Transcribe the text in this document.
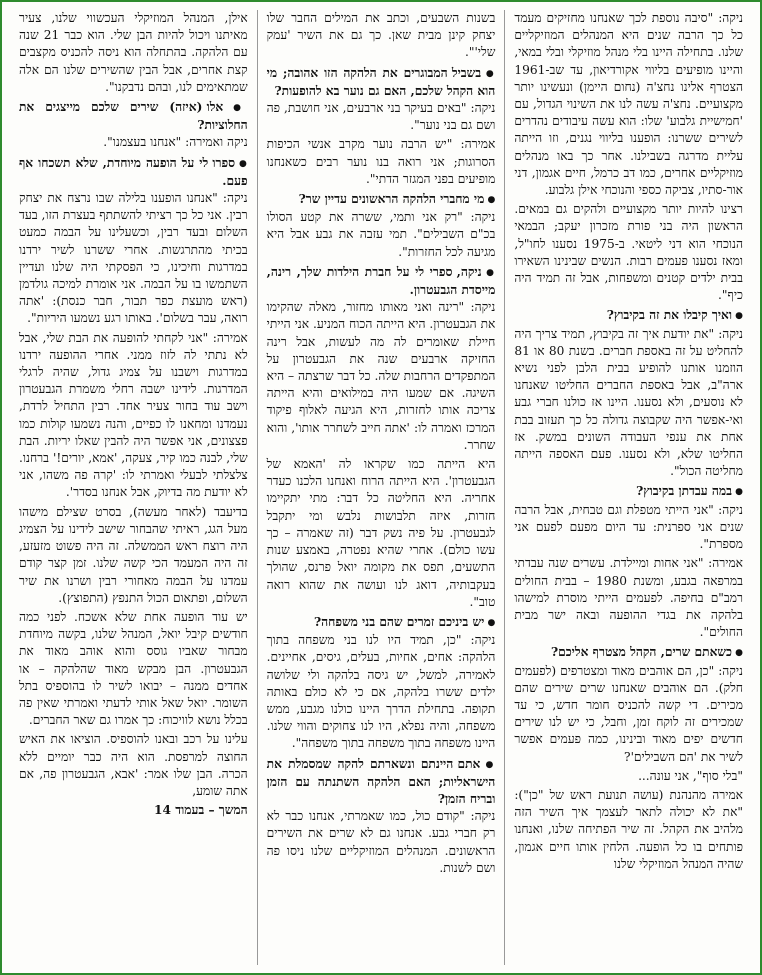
ניקה: "סיבה נוספת לכך שאנחנו מחזיקים מעמד כל כך הרבה שנים היא המנהלים המוזיקליים שלנו. בתחילה היינו בלי מנהל מוזיקלי ובלי במאי, והיינו מופיעים בליווי אקורדיאון, עד שב-1961 הצטרף אלינו נחצ'ה (נחום היימן) ונעשינו יותר מקצועיים. נחצ'ה עשה לנו את השינוי הגדול, עם 'חמישיית גלבוע' שלו: הוא עשה עיבודים נהדרים לשירים ששרנו: הופענו בליווי נגנים, וזו הייתה עליית מדרגה בשבילנו. אחר כך באו מנהלים מוזיקליים אחרים, כמו דב כרמל, חיים אגמון, דני אור-סתיו, צביקה כספי והנוכחי אילן גלבוע.

רצינו להיות יותר מקצועיים ולהקים גם במאים. הראשון היה בני פורת מזכרון יעקב; הבמאי הנוכחי הוא דני ליטאי. ב-1975 נסענו לחו"ל, ומאז נסענו פעמים רבות. הנשים שבינינו השאירו בבית ילדים קטנים ומשפחות, אבל זה תמיד היה כיף".

● ואיך קיבלו את זה בקיבוץ?

ניקה: "את יודעת איך זה בקיבוץ, תמיד צריך היה להחליט על זה באספת חברים. בשנת 80 או 81 הוזמנו אותנו להופיע בבית הלבן לפני נשיא ארה"ב, אבל באספת החברים החליטו שאנחנו לא נוסעים, ולא נסענו. היינו אז כולנו חברי גבע ואי-אפשר היה שקבוצה גדולה כל כך תעזוב בבת אחת את ענפי העבודה השונים במשק. אז החליטו שלא, ולא נסענו. פעם האספה הייתה מחליטה הכול".

● במה עבדתן בקיבוץ?

ניקה: "אני הייתי מטפלת וגם טבחית, אבל הרבה שנים אני ספרנית: עד היום מפעם לפעם אני מספרת".

אמירה: "אני אחות ומיילדת. עשרים שנה עבדתי במרפאה בגבע, ומשנת 1980 – בבית החולים רמב"ם בחיפה. לפעמים הייתי מוסרת למישהו בלהקה את בגדי ההופעה ובאה ישר מבית החולים".

● כשאתם שרים, הקהל מצטרף אליכם?

ניקה: "כן, הם אוהבים מאוד ומצטרפים (לפעמים חלק). הם אוהבים שאנחנו שרים שירים שהם מכירים. די קשה להכניס חומר חדש, כי עד שמכירים זה לוקח זמן, וחבל, כי יש לנו שירים חדשים יפים מאוד ובינינו, כמה פעמים אפשר לשיר את 'הם השבילים'?

"בלי סוף", אני עונה...

אמירה מהנהנת (עושה תנועת ראש של "כן"): "את לא יכולה לתאר לעצמך איך השיר הזה מלהיב את הקהל. זה שיר הפתיחה שלנו, ואנחנו פותחים בו כל הופעה. הלחין אותו חיים אגמון, שהיה המנהל המוזיקלי שלנו

בשנות השבעים, וכתב את המילים החבר שלו יצחק קינן מבית שאן. כך גם את השיר 'עמק שלי'".

● בשביל המבוגרים את הלהקה הזו אהובה; מי הוא הקהל שלכם, האם גם נוער בא להופעות?

ניקה: "באים בעיקר בני ארבעים, אני חושבת, פה ושם גם בני נוער".

אמירה: "יש הרבה נוער מקרב אנשי הכיפות הסרוגות; אני רואה בנו נוער רבים כשאנחנו מופיעים בפני המגזר הדתי".

● מי מחברי הלהקה הראשונים עדיין שר?

ניקה: "רק אני ותמי, ששרה את קטע הסולו בכ"ם השבילים". תמי עזבה את גבע אבל היא מגיעה לכל החזרות".

● ניקה, ספרי לי על חברת הילדות שלך, רינה, מייסדת הגבעטרון.

ניקה: "רינה ואני מאותו מחזור, מאלה שהקימו את הגבעטרון. היא הייתה הכוח המניע. אני הייתי חיילת שאומרים לה מה לעשות, אבל רינה החזיקה ארבעים שנה את הגבעטרון על המתפקדים הרחבות שלה. כל דבר שרצתה – היא השיגה. אם שמעו היה במילואים והיא הייתה צריכה אותו לחזרות, היא הגיעה לאלוף פיקוד המרכז ואמרה לו: 'אתה חייב לשחרר אותו', והוא שחרר.

היא הייתה כמו שקראו לה 'האמא של הגבעטרון'. היא הייתה הרוח ואנחנו הלכנו כעדר אחריה. היא החליטה כל דבר: מתי יתקיימו חזרות, איזה תלבושות נלבש ומי יתקבל לגבעטרון. על פיה נשק דבר (זה שאמרה – כך עשו כולם). אחרי שהיא נפטרה, באמצע שנות התשעים, תפס את מקומה יואל פרנס, שהולך בעקבותיה, דואג לנו ועושה את שהוא רואה טוב".

● יש ביניכם זמרים שהם בני משפחה?

ניקה: "כן, תמיד היו לנו בני משפחה בתוך הלהקה: אחים, אחיות, בעלים, גיסים, אחיינים. לאמירה, למשל, יש גיסה בלהקה ולי שלושה ילדים ששרו בלהקה, אם כי לא כולם באותה תקופה. בתחילת הדרך היינו כולנו מגבע, ממש משפחה, והיה נפלא, היו לנו צחוקים והווי שלנו. היינו משפחה בתוך משפחה בתוך משפחה".

● אתם היינתם ונשארתם להקה שמסמלת את הישראליות; האם הלהקה השתנתה עם הזמן ובריח הזמן?

ניקה: "קודם כול, כמו שאמרתי, אנחנו כבר לא רק חברי גבע. אנחנו גם לא שרים את השירים הראשונים. המנהלים המוזיקליים שלנו ניסו פה ושם לשנות.

אילן, המנהל המוזיקלי העכשווי שלנו, צעיר מאיתנו ויכול להיות הבן שלי. הוא כבר 21 שנה עם הלהקה. בהתחלה הוא ניסה להכניס מקצבים קצת אחרים, אבל הבין שהשירים שלנו הם אלה שמתאימים לנו, ובהם נדבקנו".

● אלו (איזה) שירים שלכם מייצגים את החלוציות?

ניקה ואמירה: "אנחנו בעצמנו".

● ספרו לי על הופעה מיוחדת, שלא תשכחו אף פעם.

ניקה: "אנחנו הופענו בלילה שבו נרצח את יצחק רבין. אני כל כך רציתי להשתתף בעצרת הזו, בעד השלום ובעד רבין, וכשעלינו על הבמה כמעט בכיתי מהתרגשות. אחרי ששרנו לשיר ירדנו במדרגות וחיכינו, כי הפסקתי היה שלנו ועדיין השתמשו בו על הבמה. אני אומרת למיכה גולדמן (ראש מועצת כפר תבור, חבר כנסת): 'אתה רואה, עבר בשלום'. באותו רגע נשמעו היריות".

אמירה: "אני לקחתי להופעה את הבת שלי, אבל לא נתתי לה לזוז ממני. אחרי ההופעה ירדנו במדרגות וישבנו על צמיג גדול, שהיה לרגלי המדרגות. לידינו ישבה רחלי משמרת הגבעטרון וישב עוד בחור צעיר אחד. רבין התחיל לרדת, נעמדנו ומחאנו לו כפיים, והנה נשמעו קולות כמו פצצונים, אני אפשר היה להבין שאלו יריות. הבת שלי, לבנה כמו קיר, צעקה, 'אמא, יורים!' ברחנו. צלצלתי לבעלי ואמרתי לו: 'קרה פה משהו, אני לא יודעת מה בדיוק, אבל אנחנו בסדר'.

בדיעבד (לאחר מעשה), בסרט שצילם מישהו מעל הגג, ראיתי שהבחור שישב לידינו על הצמיג היה רוצח ראש הממשלה. זה היה פשוט מזעזע, זה היה המעמד הכי קשה שלנו. זמן קצר קודם עמדנו על הבמה מאחורי רבין ושרנו את שיר השלום, ופתאום הכול התנפץ (התפוצץ).

יש עוד הופעה אחת שלא אשכח. לפני כמה חודשים קיבל יואל, המנהל שלנו, בקשה מיוחדת מבחור שאביו גוסס והוא אוהב מאוד את הגבעטרון. הבן מבקש מאוד שהלהקה – או אחדים ממנה – יבואו לשיר לו בהוספיס בתל השומר. יואל שאל אותי לדעתי ואמרתי שאין פה בכלל נושא לוויכוח: כך אמרו גם שאר החברים.

עלינו על רכב ובאנו להוספיס. הוציאו את האיש החוצה למרפסת. הוא היה כבר יומיים ללא הכרה. הבן שלו אמר: 'אבא, הגבעטרון פה, אם אתה שומע,

המשך – בעמוד 14
